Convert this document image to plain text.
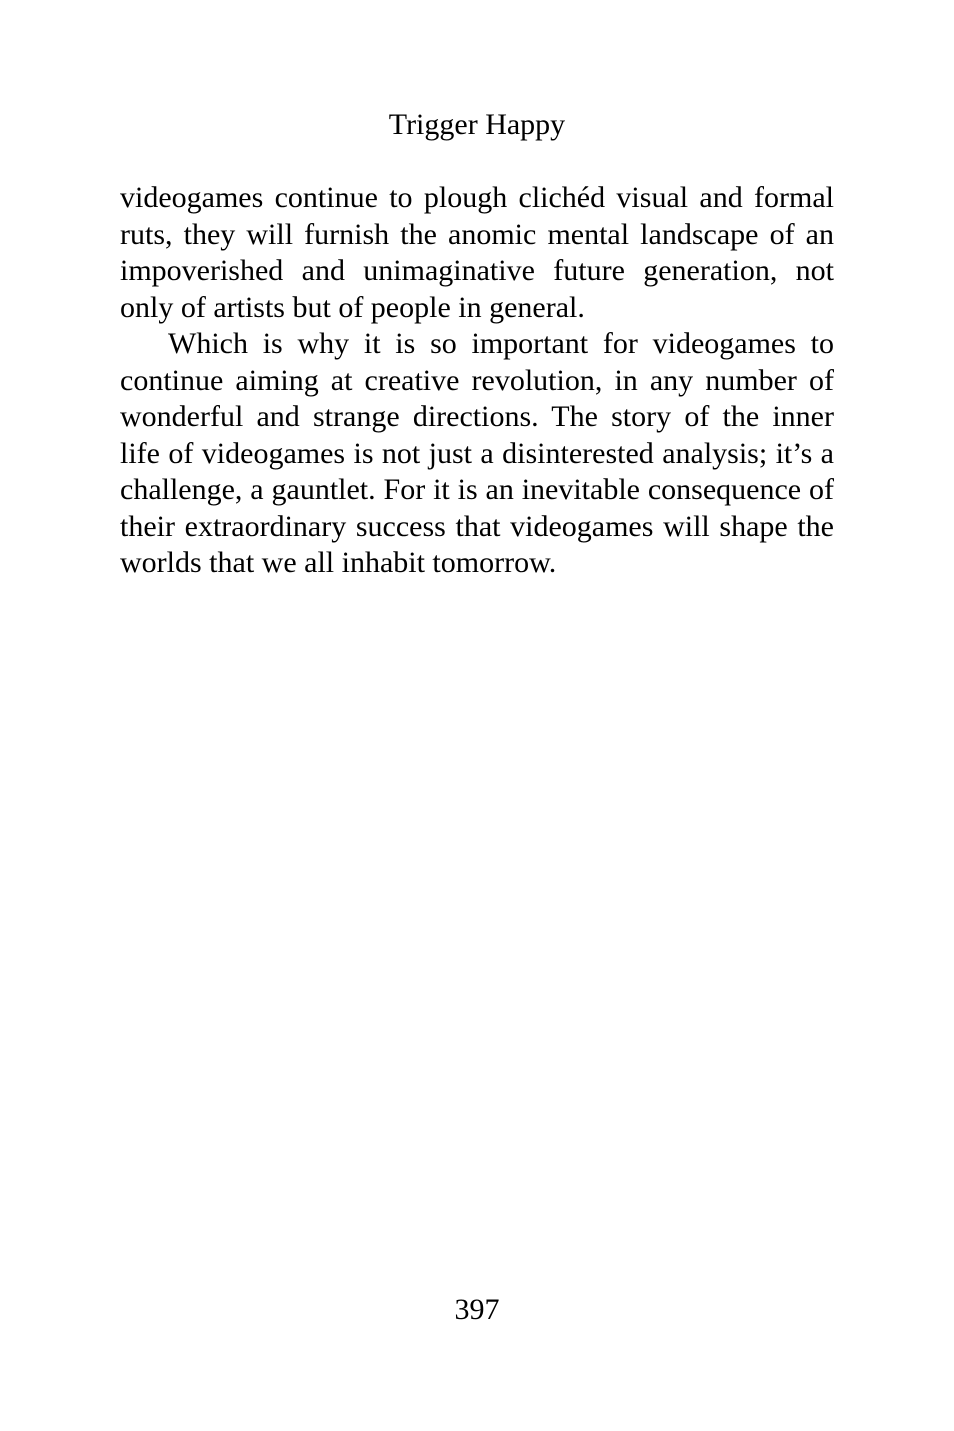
Trigger Happy

videogames continue to plough clichéd visual and formal ruts, they will furnish the anomic mental landscape of an impoverished and unimaginative future generation, not only of artists but of people in general.

Which is why it is so important for videogames to continue aiming at creative revolution, in any number of wonderful and strange directions. The story of the inner life of videogames is not just a disinterested analysis; it’s a challenge, a gauntlet. For it is an inevitable consequence of their extraordinary success that videogames will shape the worlds that we all inhabit tomorrow.

397
